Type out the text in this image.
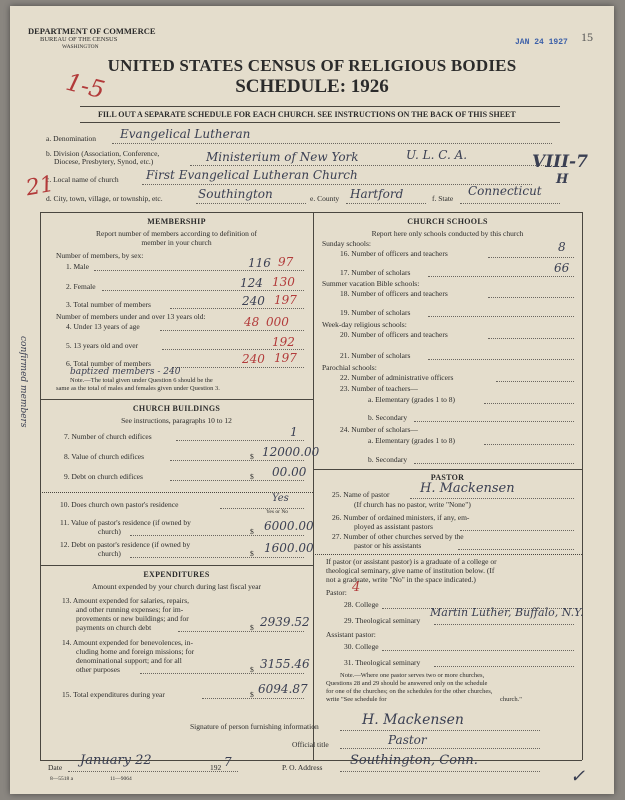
DEPARTMENT OF COMMERCE
BUREAU OF THE CENSUS
WASHINGTON	JAN 24 1927 15
UNITED STATES CENSUS OF RELIGIOUS BODIES
SCHEDULE: 1926
1-5
FILL OUT A SEPARATE SCHEDULE FOR EACH CHURCH. SEE INSTRUCTIONS ON THE BACK OF THIS SHEET
a. Denomination Evangelical Lutheran
b. Division (Association, Conference,
Diocese, Presbytery, Synod, etc.)	Ministerium of New York	U. L. C. A.	VIII-7
H
c. Local name of church First Evangelical Lutheran Church
21
d. City, town, village, or township, etc.	Southington	e. County Hartford	f. State
Connecticut
MEMBERSHIP
Report number of members according to definition of
member in your church
Number of members, by sex:
confirmed members
1. Male	116 97
2. Female	124 130
3. Total number of members	240 197
Number of members under and over 13 years old:
4. Under 13 years of age	48 000
5. 13 years old and over	192
6. Total number of members	240 197
baptized members - 240
Note.—The total given under Question 6 should be the
same as the total of males and females given under Question 3.
CHURCH BUILDINGS
See instructions, paragraphs 10 to 12
7. Number of church edifices	1
8. Value of church edifices	$ 12000.00
9. Debt on church edifices	$ 00.00
10. Does church own pastor's residence
Yes
Yes or No
11. Value of pastor's residence (if owned by
church)	$ 6000.00
12. Debt on pastor's residence (if owned by
church)	$ 1600.00
EXPENDITURES
Amount expended by your church during last fiscal year
13. Amount expended for salaries, repairs,
and other running expenses; for im-
provements or new buildings; and for
payments on church debt	$ 2939.52
14. Amount expended for benevolences, in-
cluding home and foreign missions; for
denominational support; and for all
other purposes	$ 3155.46
15. Total expenditures during year	$ 6094.87
CHURCH SCHOOLS
Report here only schools conducted by this church
Sunday schools:
16. Number of officers and teachers	8
17. Number of scholars	66
Summer vacation Bible schools:
18. Number of officers and teachers
19. Number of scholars
Week-day religious schools:
20. Number of officers and teachers
21. Number of scholars
Parochial schools:
22. Number of administrative officers
23. Number of teachers—
a. Elementary (grades 1 to 8)
b. Secondary
24. Number of scholars—
a. Elementary (grades 1 to 8)
b. Secondary
PASTOR
25. Name of pastor H. Mackensen
(If church has no pastor, write "None")
26. Number of ordained ministers, if any, em-
ployed as assistant pastors
27. Number of other churches served by the
pastor or his assistants
If pastor (or assistant pastor) is a graduate of a college or
theological seminary, give name of institution below. (If
not a graduate, write "No" in the space indicated.)
Pastor: 4
28. College
29. Theological seminary
Martin Luther, Buffalo, N.Y.
Assistant pastor:
30. College
31. Theological seminary
Note.—Where one pastor serves two or more churches,
Questions 28 and 29 should be answered only on the schedule
for one of the churches; on the schedules for the other churches,
write "See schedule for	church."
Signature of person furnishing information	H. Mackensen
Official title	Pastor
Date January 22	192 7	P. O. Address Southington, Conn.
8—5518 a	11—9064	✓
